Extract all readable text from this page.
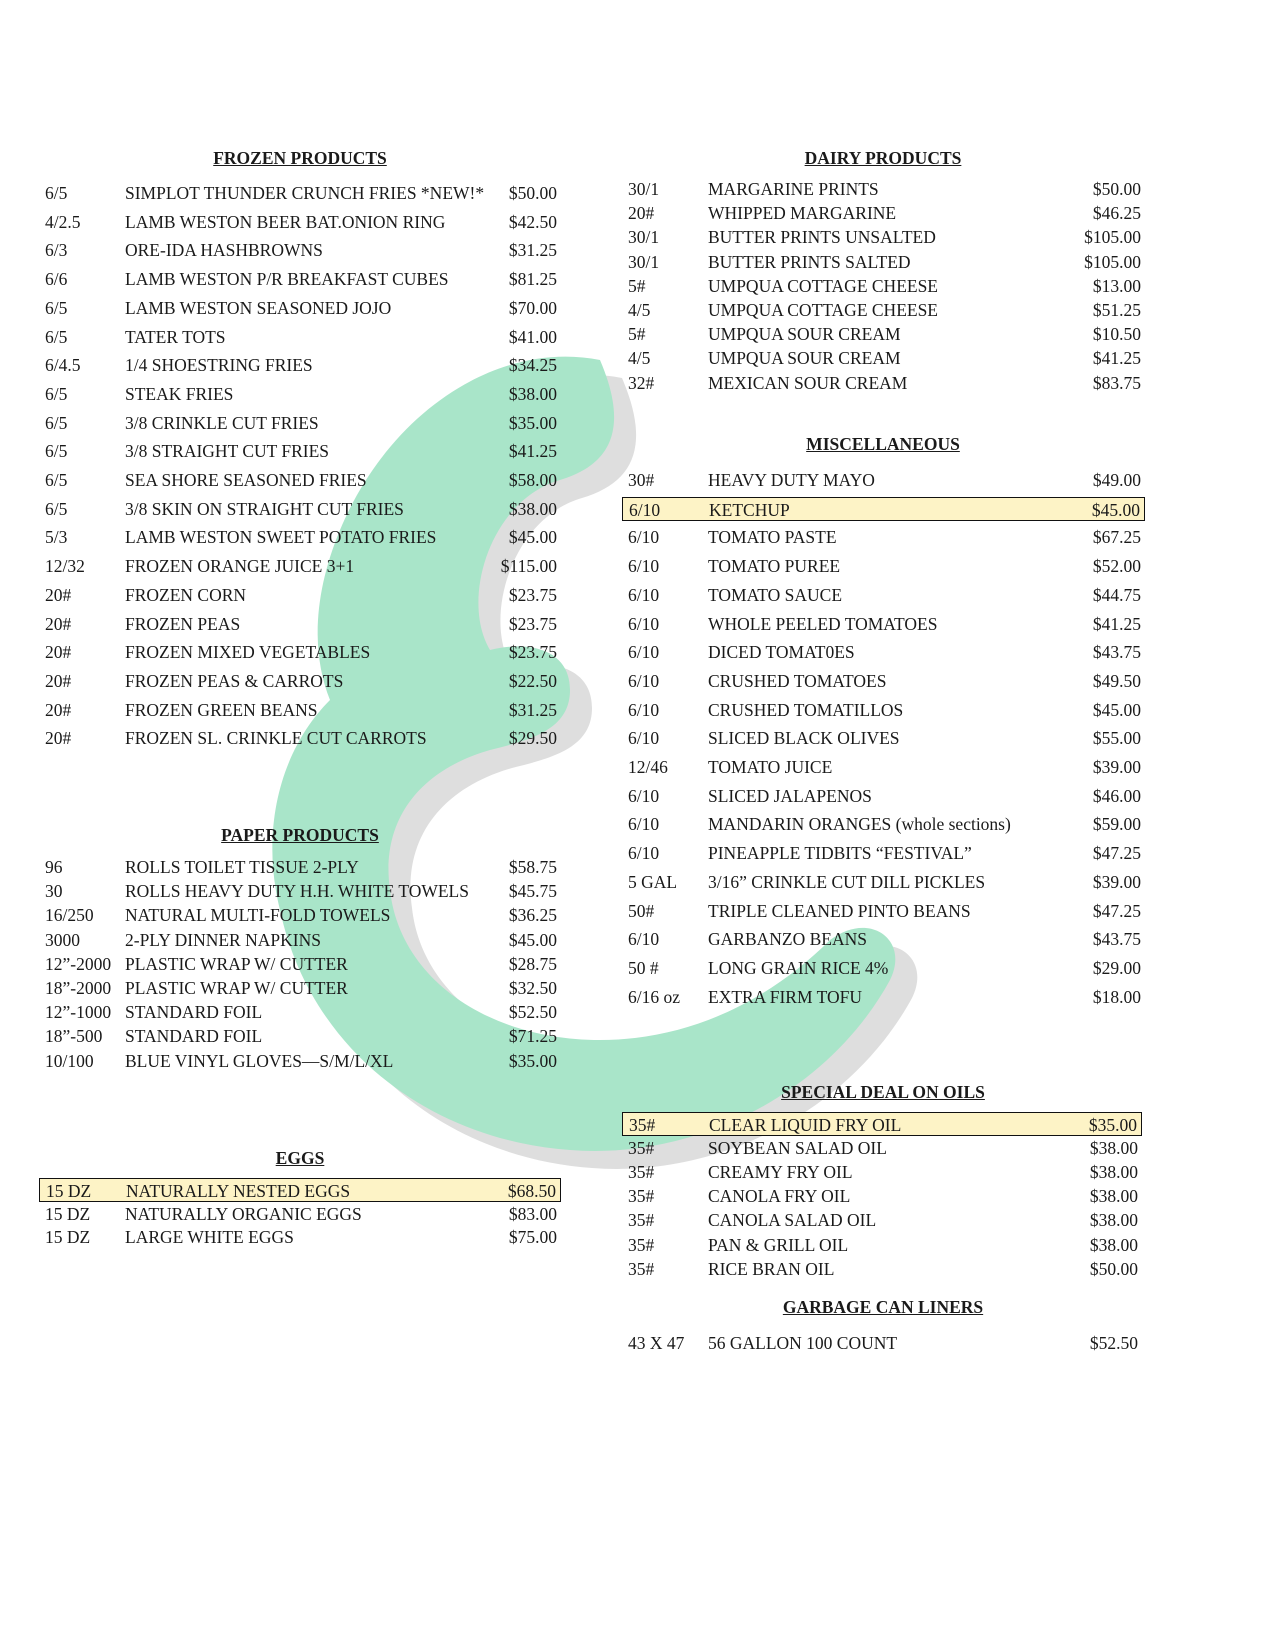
FROZEN PRODUCTS
6/5	SIMPLOT THUNDER CRUNCH FRIES *NEW!* $50.00
4/2.5	LAMB WESTON BEER BAT.ONION RING	$42.50
6/3	ORE-IDA HASHBROWNS	$31.25
6/6	LAMB WESTON P/R BREAKFAST CUBES	$81.25
6/5	LAMB WESTON SEASONED JOJO	$70.00
6/5	TATER TOTS	$41.00
6/4.5	1/4 SHOESTRING FRIES	$34.25
6/5	STEAK FRIES	$38.00
6/5	3/8 CRINKLE CUT FRIES	$35.00
6/5	3/8 STRAIGHT CUT FRIES	$41.25
6/5	SEA SHORE SEASONED FRIES	$58.00
6/5	3/8 SKIN ON STRAIGHT CUT FRIES	$38.00
5/3	LAMB WESTON SWEET POTATO FRIES	$45.00
12/32 FROZEN ORANGE JUICE 3+1	$115.00
20#	FROZEN CORN	$23.75
20#	FROZEN PEAS	$23.75
20#	FROZEN MIXED VEGETABLES	$23.75
20#	FROZEN PEAS & CARROTS	$22.50
20#	FROZEN GREEN BEANS	$31.25
20#	FROZEN SL. CRINKLE CUT CARROTS	$29.50
PAPER PRODUCTS
96	ROLLS TOILET TISSUE 2-PLY	$58.75
30	ROLLS HEAVY DUTY H.H. WHITE TOWELS $45.75
16/250 NATURAL MULTI-FOLD TOWELS	$36.25
3000	2-PLY DINNER NAPKINS	$45.00
12”-2000 PLASTIC WRAP W/ CUTTER	$28.75
18”-2000 PLASTIC WRAP W/ CUTTER	$32.50
12”-1000 STANDARD FOIL	$52.50
18”-500 STANDARD FOIL	$71.25
10/100 BLUE VINYL GLOVES—S/M/L/XL	$35.00
EGGS
15 DZ NATURALLY NESTED EGGS	$68.50
15 DZ NATURALLY ORGANIC EGGS	$83.00
15 DZ LARGE WHITE EGGS	$75.00
DAIRY PRODUCTS
30/1	MARGARINE PRINTS	$50.00
20#	WHIPPED MARGARINE	$46.25
30/1	BUTTER PRINTS UNSALTED	$105.00
30/1	BUTTER PRINTS SALTED	$105.00
5#	UMPQUA COTTAGE CHEESE	$13.00
4/5	UMPQUA COTTAGE CHEESE	$51.25
5#	UMPQUA SOUR CREAM	$10.50
4/5	UMPQUA SOUR CREAM	$41.25
32#	MEXICAN SOUR CREAM	$83.75
MISCELLANEOUS
30#	HEAVY DUTY MAYO	$49.00
6/10	KETCHUP	$45.00
6/10	TOMATO PASTE	$67.25
6/10	TOMATO PUREE	$52.00
6/10	TOMATO SAUCE	$44.75
6/10	WHOLE PEELED TOMATOES	$41.25
6/10	DICED TOMAT0ES	$43.75
6/10	CRUSHED TOMATOES	$49.50
6/10	CRUSHED TOMATILLOS	$45.00
6/10	SLICED BLACK OLIVES	$55.00
12/46 TOMATO JUICE	$39.00
6/10	SLICED JALAPENOS	$46.00
6/10	MANDARIN ORANGES (whole sections)	$59.00
6/10	PINEAPPLE TIDBITS “FESTIVAL”	$47.25
5 GAL 3/16” CRINKLE CUT DILL PICKLES	$39.00
50#	TRIPLE CLEANED PINTO BEANS	$47.25
6/10	GARBANZO BEANS	$43.75
50 #	LONG GRAIN RICE 4%	$29.00
6/16 oz EXTRA FIRM TOFU	$18.00
SPECIAL DEAL ON OILS
35#	CLEAR LIQUID FRY OIL	$35.00
35#	SOYBEAN SALAD OIL	$38.00
35#	CREAMY FRY OIL	$38.00
35#	CANOLA FRY OIL	$38.00
35#	CANOLA SALAD OIL	$38.00
35#	PAN & GRILL OIL	$38.00
35#	RICE BRAN OIL	$50.00
GARBAGE CAN LINERS
43 X 47 56 GALLON 100 COUNT	$52.50
